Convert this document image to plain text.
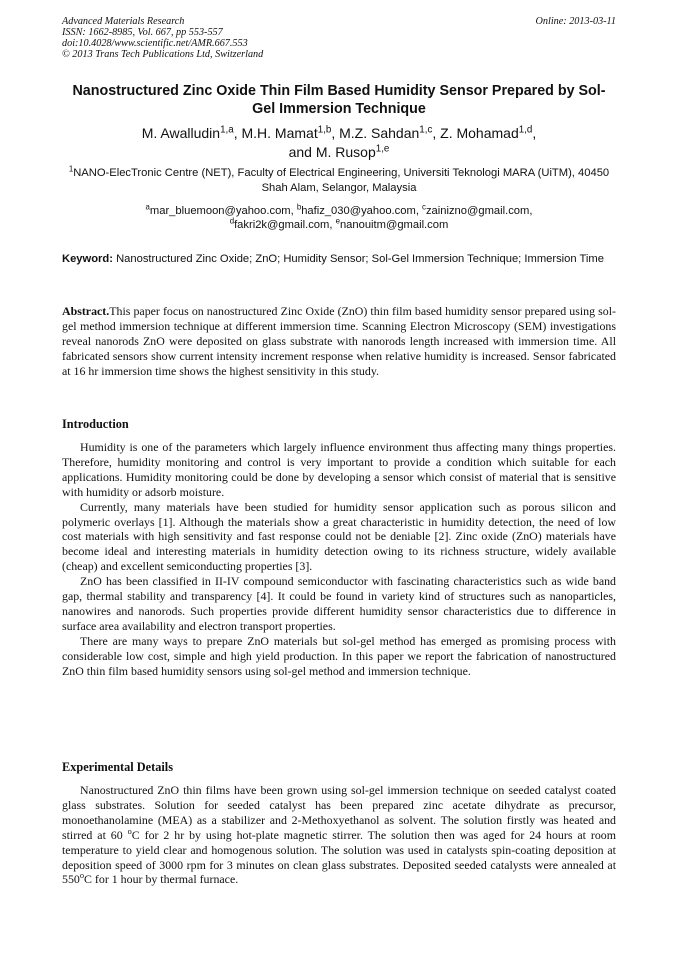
Advanced Materials Research
ISSN: 1662-8985, Vol. 667, pp 553-557
doi:10.4028/www.scientific.net/AMR.667.553
© 2013 Trans Tech Publications Ltd, Switzerland
Online: 2013-03-11
Nanostructured Zinc Oxide Thin Film Based Humidity Sensor Prepared by Sol-Gel Immersion Technique
M. Awalludin$^{1,a}$, M.H. Mamat$^{1,b}$, M.Z. Sahdan$^{1,c}$, Z. Mohamad$^{1,d}$,
and M. Rusop$^{1,e}$
$^1$NANO-ElecTronic Centre (NET), Faculty of Electrical Engineering, Universiti Teknologi MARA (UiTM), 40450 Shah Alam, Selangor, Malaysia
$^a$mar_bluemoon@yahoo.com, $^b$hafiz_030@yahoo.com, $^c$zainizno@gmail.com,
$^d$fakri2k@gmail.com, $^e$nanouitm@gmail.com
Keyword: Nanostructured Zinc Oxide; ZnO; Humidity Sensor; Sol-Gel Immersion Technique; Immersion Time
Abstract.This paper focus on nanostructured Zinc Oxide (ZnO) thin film based humidity sensor prepared using sol-gel method immersion technique at different immersion time. Scanning Electron Microscopy (SEM) investigations reveal nanorods ZnO were deposited on glass substrate with nanorods length increased with immersion time. All fabricated sensors show current intensity increment response when relative humidity is increased. Sensor fabricated at 16 hr immersion time shows the highest sensitivity in this study.
Introduction

Humidity is one of the parameters which largely influence environment thus affecting many things properties. Therefore, humidity monitoring and control is very important to provide a condition which suitable for each applications. Humidity monitoring could be done by developing a sensor which consist of material that is sensitive with humidity or adsorb moisture.

Currently, many materials have been studied for humidity sensor application such as porous silicon and polymeric overlays [1]. Although the materials show a great characteristic in humidity detection, the need of low cost materials with high sensitivity and fast response could not be deniable [2]. Zinc oxide (ZnO) materials have become ideal and interesting materials in humidity detection owing to its richness structure, widely available (cheap) and excellent semiconducting properties [3].

ZnO has been classified in II-IV compound semiconductor with fascinating characteristics such as wide band gap, thermal stability and transparency [4]. It could be found in variety kind of structures such as nanoparticles, nanowires and nanorods. Such properties provide different humidity sensor characteristics due to difference in surface area availability and electron transport properties.

There are many ways to prepare ZnO materials but sol-gel method has emerged as promising process with considerable low cost, simple and high yield production. In this paper we report the fabrication of nanostructured ZnO thin film based humidity sensors using sol-gel method and immersion technique.

Experimental Details

Nanostructured ZnO thin films have been grown using sol-gel immersion technique on seeded catalyst coated glass substrates. Solution for seeded catalyst has been prepared zinc acetate dihydrate as precursor, monoethanolamine (MEA) as a stabilizer and 2-Methoxyethanol as solvent. The solution firstly was heated and stirred at 60 $^o$C for 2 hr by using hot-plate magnetic stirrer. The solution then was aged for 24 hours at room temperature to yield clear and homogenous solution. The solution was used in catalysts spin-coating deposition at deposition speed of 3000 rpm for 3 minutes on clean glass substrates. Deposited seeded catalysts were annealed at 550$^o$C for 1 hour by thermal furnace.
